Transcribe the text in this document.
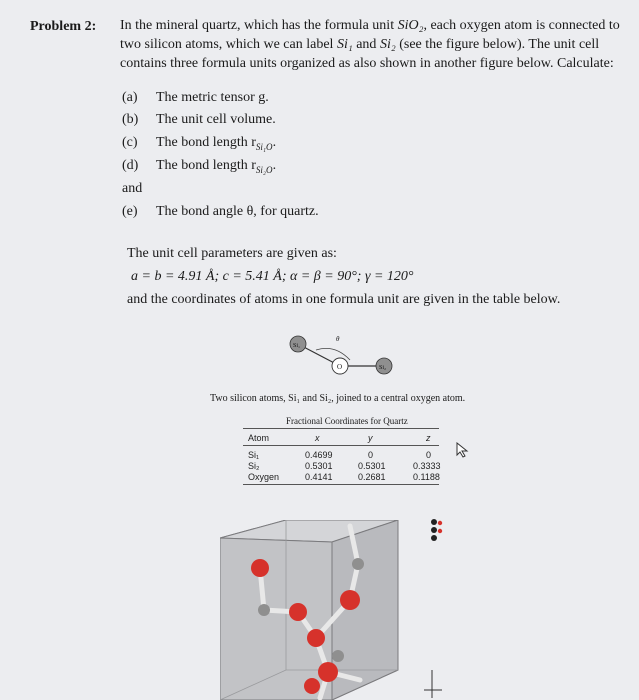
Problem 2: In the mineral quartz, which has the formula unit SiO₂, each oxygen atom is connected to two silicon atoms, which we can label Si₁ and Si₂ (see the figure below). The unit cell contains three formula units organized as also shown in another figure below. Calculate:
(a) The metric tensor g.
(b) The unit cell volume.
(c) The bond length $r_{Si_1O}$.
(d) The bond length $r_{Si_2O}$.
and
(e) The bond angle θ, for quartz.
The unit cell parameters are given as:
a = b = 4.91 Å; c = 5.41 Å; α = β = 90°; γ = 120°
and the coordinates of atoms in one formula unit are given in the table below.
Si₁
O	Si₂
θ
Two silicon atoms, Si₁ and Si₂, joined to a central oxygen atom.
Fractional Coordinates for Quartz
Atom	x	y	z
Si₁	0.4699	0	0
Si₂	0.5301	0.5301	0.3333
Oxygen	0.4141	0.2681	0.1188
